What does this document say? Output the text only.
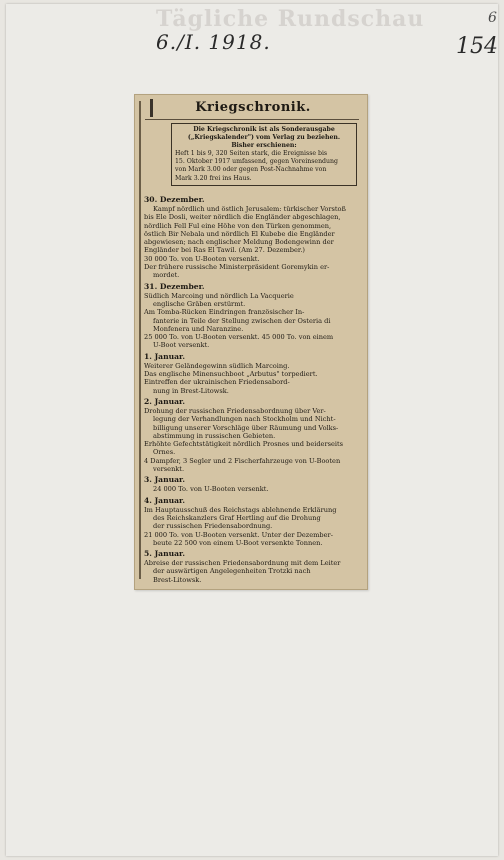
Tägliche Rundschau
6./I. 1918.	154
6
Kriegschronik.
Die Kriegschronik ist als Sonderausgabe
(„Kriegskalender") vom Verlag zu beziehen.
Bisher erschienen:
Heft 1 bis 9, 320 Seiten stark, die Ereignisse bis
15. Oktober 1917 umfassend, gegen Voreinsendung
von Mark 3.00 oder gegen Post-Nachnahme von
Mark 3.20 frei ins Haus.
30. Dezember.
Kampf nördlich und östlich Jerusalem: türkischer Vorstoß
bis Ele Dosli, weiter nördlich die Engländer abgeschlagen,
nördlich Fell Ful eine Höhe von den Türken genommen,
östlich Bir Nebala und nördlich El Kubebe die Engländer
abgewiesen; nach englischer Meldung Bodengewinn der
Engländer bei Ras El Tawil. (Am 27. Dezember.)
30 000 To. von U-Booten versenkt.
Der frühere russische Ministerpräsident Goremykin er-
mordet.
31. Dezember.
Südlich Marcoing und nördlich La Vacquerie
englische Gräben erstürmt.
Am Tomba-Rücken Eindringen französischer In-
fanterie in Teile der Stellung zwischen der Osteria di
Monfenera und Naranzine.
25 000 To. von U-Booten versenkt. 45 000 To. von einem
U-Boot versenkt.
1. Januar.
Weiterer Geländegewinn südlich Marcoing.
Das englische Minensuchboot „Arbutus" torpediert.
Eintreffen der ukrainischen Friedensabord-
nung in Brest-Litowsk.
2. Januar.
Drohung der russischen Friedensabordnung über Ver-
legung der Verhandlungen nach Stockholm und Nicht-
billigung unserer Vorschläge über Räumung und Volks-
abstimmung in russischen Gebieten.
Erhöhte Gefechtstätigkeit nördlich Prosnes und beiderseits
Ornes.
4 Dampfer, 3 Segler und 2 Fischerfahrzeuge von U-Booten
versenkt.
3. Januar.
24 000 To. von U-Booten versenkt.
4. Januar.
Im Hauptausschuß des Reichstags ablehnende Erklärung
des Reichskanzlers Graf Hertling auf die Drohung
der russischen Friedensabordnung.
21 000 To. von U-Booten versenkt. Unter der Dezember-
beute 22 500 von einem U-Boot versenkte Tonnen.
5. Januar.
Abreise der russischen Friedensabordnung mit dem Leiter
der auswärtigen Angelegenheiten Trotzki nach
Brest-Litowsk.
